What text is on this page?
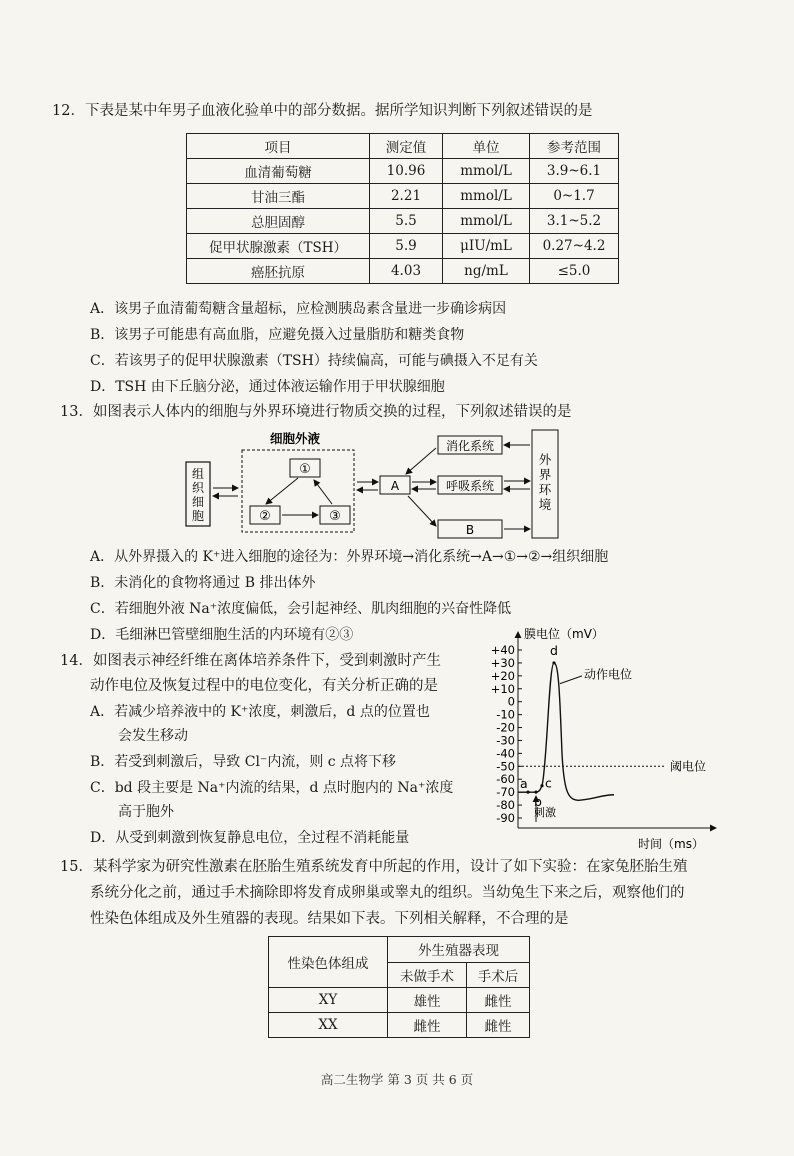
12．下表是某中年男子血液化验单中的部分数据。据所学知识判断下列叙述错误的是
项目	测定值	单位	参考范围
血清葡萄糖	10.96	mmol/L	3.9~6.1
甘油三酯	2.21	mmol/L	0~1.7
总胆固醇	5.5	mmol/L	3.1~5.2
促甲状腺激素（TSH）	5.9	μIU/mL	0.27~4.2
癌胚抗原	4.03	ng/mL	≤5.0
A．该男子血清葡萄糖含量超标，应检测胰岛素含量进一步确诊病因
B．该男子可能患有高血脂，应避免摄入过量脂肪和糖类食物
C．若该男子的促甲状腺激素（TSH）持续偏高，可能与碘摄入不足有关
D．TSH 由下丘脑分泌，通过体液运输作用于甲状腺细胞
13．如图表示人体内的细胞与外界环境进行物质交换的过程，下列叙述错误的是
组织细胞
细胞外液
①
②	③
A
消化系统
呼吸系统
B
外界环境
A．从外界摄入的 K⁺进入细胞的途径为：外界环境→消化系统→A→①→②→组织细胞
B．未消化的食物将通过 B 排出体外
C．若细胞外液 Na⁺浓度偏低，会引起神经、肌肉细胞的兴奋性降低
D．毛细淋巴管壁细胞生活的内环境有②③
14．如图表示神经纤维在离体培养条件下，受到刺激时产生
动作电位及恢复过程中的电位变化，有关分析正确的是
A．若减少培养液中的 K⁺浓度，刺激后，d 点的位置也
会发生移动
B．若受到刺激后，导致 Cl⁻内流，则 c 点将下移
C．bd 段主要是 Na⁺内流的结果，d 点时胞内的 Na⁺浓度
高于胞外
D．从受到刺激到恢复静息电位，全过程不消耗能量
膜电位（mV）
时间（ms）
+40
+30
+20
+10
0
-10
-20
-30
-40
-50
-60
-70
-80
-90
阈电位
a
b
c
d
动作电位
刺激
15．某科学家为研究性激素在胚胎生殖系统发育中所起的作用，设计了如下实验：在家兔胚胎生殖
系统分化之前，通过手术摘除即将发育成卵巢或睾丸的组织。当幼兔生下来之后，观察他们的
性染色体组成及外生殖器的表现。结果如下表。下列相关解释，不合理的是
性染色体组成	外生殖器表现	
	未做手术	手术后
XY	雄性	雌性
XX	雌性	雌性
高二生物学 第 3 页 共 6 页
